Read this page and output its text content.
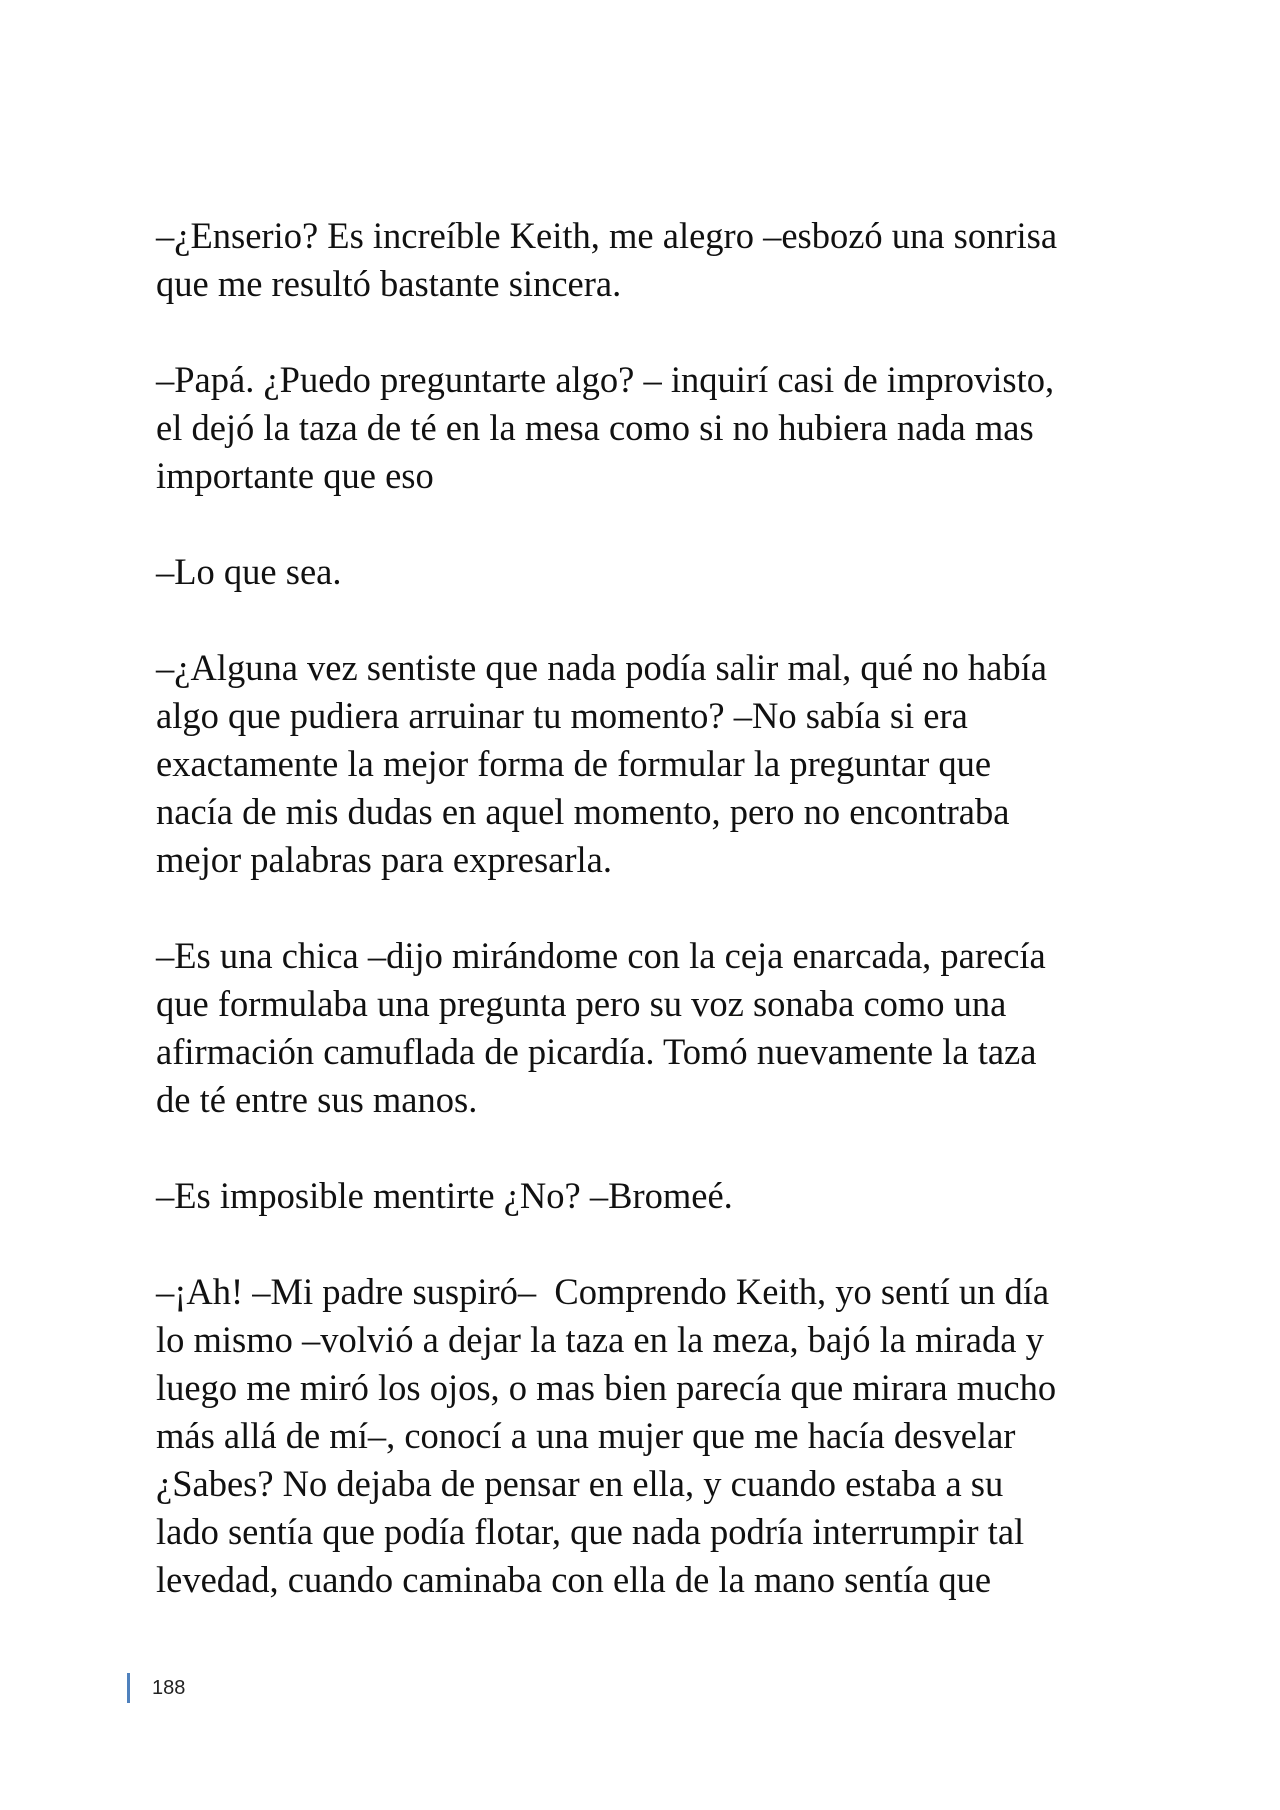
–¿Enserio? Es increíble Keith, me alegro –esbozó una sonrisa
que me resultó bastante sincera.

–Papá. ¿Puedo preguntarte algo? – inquirí casi de improvisto,
el dejó la taza de té en la mesa como si no hubiera nada mas
importante que eso

–Lo que sea.

–¿Alguna vez sentiste que nada podía salir mal, qué no había
algo que pudiera arruinar tu momento? –No sabía si era
exactamente la mejor forma de formular la preguntar que
nacía de mis dudas en aquel momento, pero no encontraba
mejor palabras para expresarla.

–Es una chica –dijo mirándome con la ceja enarcada, parecía
que formulaba una pregunta pero su voz sonaba como una
afirmación camuflada de picardía. Tomó nuevamente la taza
de té entre sus manos.

–Es imposible mentirte ¿No? –Bromeé.

–¡Ah! –Mi padre suspiró–  Comprendo Keith, yo sentí un día
lo mismo –volvió a dejar la taza en la meza, bajó la mirada y
luego me miró los ojos, o mas bien parecía que mirara mucho
más allá de mí–, conocí a una mujer que me hacía desvelar
¿Sabes? No dejaba de pensar en ella, y cuando estaba a su
lado sentía que podía flotar, que nada podría interrumpir tal
levedad, cuando caminaba con ella de la mano sentía que

188
